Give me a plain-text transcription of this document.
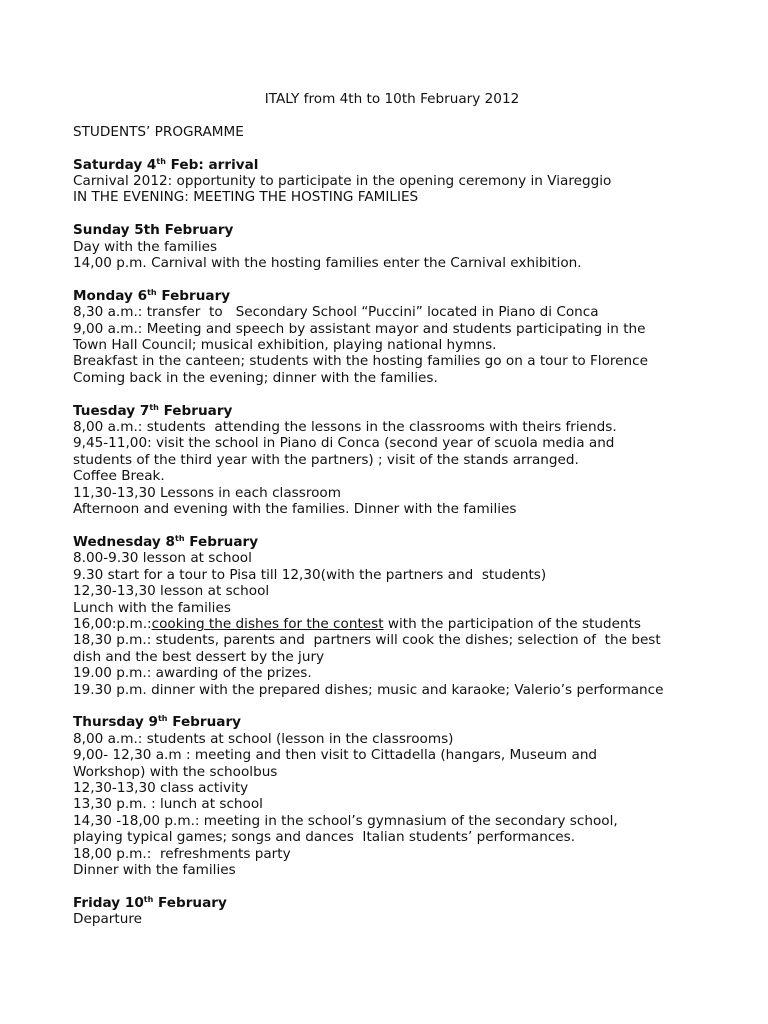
ITALY from 4th to 10th February 2012
STUDENTS’ PROGRAMME
Saturday 4th Feb: arrival
Carnival 2012: opportunity to participate in the opening ceremony in Viareggio
IN THE EVENING: MEETING THE HOSTING FAMILIES
Sunday 5th February
Day with the families
14,00 p.m. Carnival with the hosting families enter the Carnival exhibition.
Monday 6th February
8,30 a.m.: transfer  to   Secondary School “Puccini” located in Piano di Conca
9,00 a.m.: Meeting and speech by assistant mayor and students participating in the
Town Hall Council; musical exhibition, playing national hymns.
Breakfast in the canteen; students with the hosting families go on a tour to Florence
Coming back in the evening; dinner with the families.
Tuesday 7th February
8,00 a.m.: students  attending the lessons in the classrooms with theirs friends.
9,45-11,00: visit the school in Piano di Conca (second year of scuola media and
students of the third year with the partners) ; visit of the stands arranged.
Coffee Break.
11,30-13,30 Lessons in each classroom
Afternoon and evening with the families. Dinner with the families
Wednesday 8th February
8.00-9.30 lesson at school
9.30 start for a tour to Pisa till 12,30(with the partners and  students)
12,30-13,30 lesson at school
Lunch with the families
16,00:p.m.:cooking the dishes for the contest with the participation of the students
18,30 p.m.: students, parents and  partners will cook the dishes; selection of  the best
dish and the best dessert by the jury
19.00 p.m.: awarding of the prizes.
19.30 p.m. dinner with the prepared dishes; music and karaoke; Valerio’s performance
Thursday 9th February
8,00 a.m.: students at school (lesson in the classrooms)
9,00- 12,30 a.m : meeting and then visit to Cittadella (hangars, Museum and
Workshop) with the schoolbus
12,30-13,30 class activity
13,30 p.m. : lunch at school
14,30 -18,00 p.m.: meeting in the school’s gymnasium of the secondary school,
playing typical games; songs and dances  Italian students’ performances.
18,00 p.m.:  refreshments party
Dinner with the families
Friday 10th February
Departure
